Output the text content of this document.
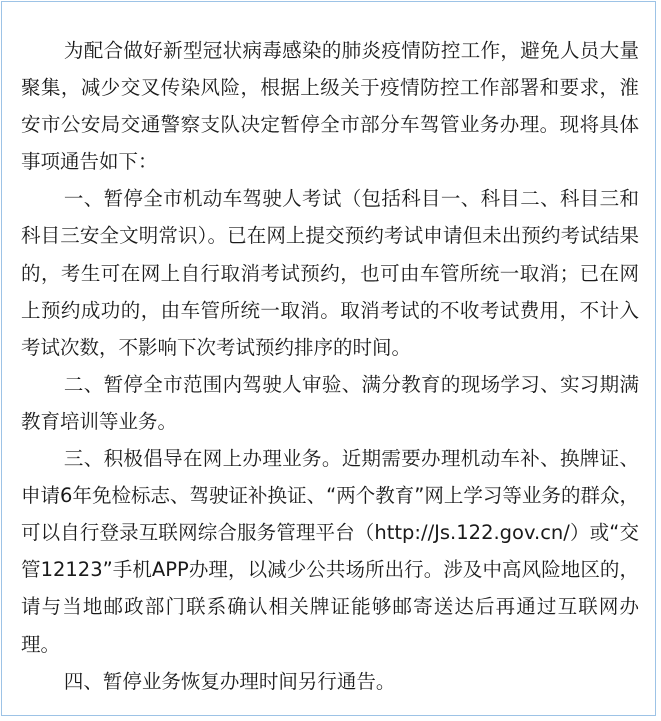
为配合做好新型冠状病毒感染的肺炎疫情防控工作，避免人员大量聚集，减少交叉传染风险，根据上级关于疫情防控工作部署和要求，淮安市公安局交通警察支队决定暂停全市部分车驾管业务办理。现将具体事项通告如下：

一、暂停全市机动车驾驶人考试（包括科目一、科目二、科目三和科目三安全文明常识）。已在网上提交预约考试申请但未出预约考试结果的，考生可在网上自行取消考试预约，也可由车管所统一取消；已在网上预约成功的，由车管所统一取消。取消考试的不收考试费用，不计入考试次数，不影响下次考试预约排序的时间。

二、暂停全市范围内驾驶人审验、满分教育的现场学习、实习期满教育培训等业务。

三、积极倡导在网上办理业务。近期需要办理机动车补、换牌证、申请6年免检标志、驾驶证补换证、“两个教育”网上学习等业务的群众，可以自行登录互联网综合服务管理平台（http://Js.122.gov.cn/）或“交管12123”手机APP办理，以减少公共场所出行。涉及中高风险地区的，请与当地邮政部门联系确认相关牌证能够邮寄送达后再通过互联网办理。

四、暂停业务恢复办理时间另行通告。
